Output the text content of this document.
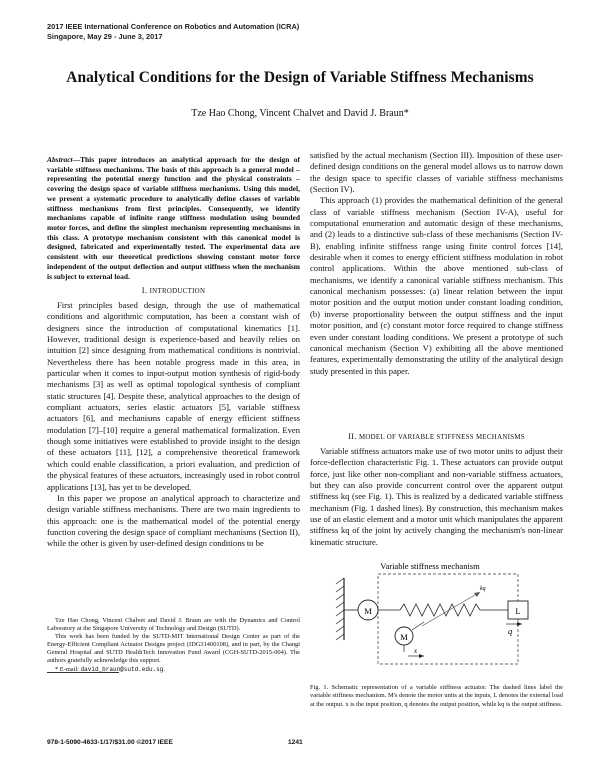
2017 IEEE International Conference on Robotics and Automation (ICRA)
Singapore, May 29 - June 3, 2017
Analytical Conditions for the Design of Variable Stiffness Mechanisms
Tze Hao Chong, Vincent Chalvet and David J. Braun*
Abstract—This paper introduces an analytical approach for the design of variable stiffness mechanisms. The basis of this approach is a general model – representing the potential energy function and the physical constraints – covering the design space of variable stiffness mechanisms. Using this model, we present a systematic procedure to analytically define classes of variable stiffness mechanisms from first principles. Consequently, we identify mechanisms capable of infinite range stiffness modulation using bounded motor forces, and define the simplest mechanism representing mechanisms in this class. A prototype mechanism consistent with this canonical model is designed, fabricated and experimentally tested. The experimental data are consistent with our theoretical predictions showing constant motor force independent of the output deflection and output stiffness when the mechanism is subject to external load.
I. INTRODUCTION

First principles based design, through the use of mathematical conditions and algorithmic computation, has been a constant wish of designers since the introduction of computational kinematics [1]. However, traditional design is experience-based and heavily relies on intuition [2] since designing from mathematical conditions is nontrivial. Nevertheless there has been notable progress made in this area, in particular when it comes to input-output motion synthesis of rigid-body mechanisms [3] as well as optimal topological synthesis of compliant static structures [4]. Despite these, analytical approaches to the design of compliant actuators, series elastic actuators [5], variable stiffness actuators [6], and mechanisms capable of energy efficient stiffness modulation [7]–[10] require a general mathematical formalization. Even though some initiatives were established to provide insight to the design of these actuators [11], [12], a comprehensive theoretical framework which could enable classification, a priori evaluation, and prediction of the physical features of these actuators, increasingly used in robot control applications [13], has yet to be developed.

In this paper we propose an analytical approach to characterize and design variable stiffness mechanisms. There are two main ingredients to this approach: one is the mathematical model of the potential energy function covering the design space of compliant mechanisms (Section II), while the other is given by user-defined design conditions to be

Tze Hao Chong, Vincent Chalvet and David J. Braun are with the Dynamics and Control Laboratory at the Singapore University of Technology and Design (SUTD).

This work has been funded by the SUTD-MIT International Design Center as part of the Energy-Efficient Compliant Actuator Designs project (IDG31400108), and in part, by the Changi General Hospital and SUTD HealthTech Innovation Fund Award (CGH-SUTD-2015-004). The authors gratefully acknowledge this support.

* E-mail: david_braun@sutd.edu.sg.

satisfied by the actual mechanism (Section III). Imposition of these user-defined design conditions on the general model allows us to narrow down the design space to specific classes of variable stiffness mechanisms (Section IV).

This approach (1) provides the mathematical definition of the general class of variable stiffness mechanism (Section IV-A), useful for computational enumeration and automatic design of these mechanisms, and (2) leads to a distinctive sub-class of these mechanisms (Section IV-B), enabling infinite stiffness range using finite control forces [14], desirable when it comes to energy efficient stiffness modulation in robot control applications. Within the above mentioned sub-class of mechanisms, we identify a canonical variable stiffness mechanism. This canonical mechanism possesses: (a) linear relation between the input motor position and the output motion under constant loading condition, (b) inverse proportionality between the output stiffness and the input motor position, and (c) constant motor force required to change stiffness even under constant loading conditions. We present a prototype of such canonical mechanism (Section V) exhibiting all the above mentioned features, experimentally demonstrating the utility of the analytical design study presented in this paper.

II. MODEL OF VARIABLE STIFFNESS MECHANISMS

Variable stiffness actuators make use of two motor units to adjust their force-deflection characteristic Fig. 1. These actuators can provide output force, just like other non-compliant and non-variable stiffness actuators, but they can also provide concurrent control over the apparent output stiffness kq (see Fig. 1). This is realized by a dedicated variable stiffness mechanism (Fig. 1 dashed lines). By construction, this mechanism makes use of an elastic element and a motor unit which manipulates the apparent stiffness kq of the joint by actively changing the mechanism's non-linear kinematic structure.

Variable stiffness mechanism
M
kq
L
q
M
x
Fig. 1. Schematic representation of a variable stiffness actuator. The dashed lines label the variable stiffness mechanism. M's denote the motor units at the inputs, L denotes the external load at the output. x is the input position, q denotes the output position, while kq is the output stiffness.
978-1-5090-4633-1/17/$31.00 ©2017 IEEE	1241
